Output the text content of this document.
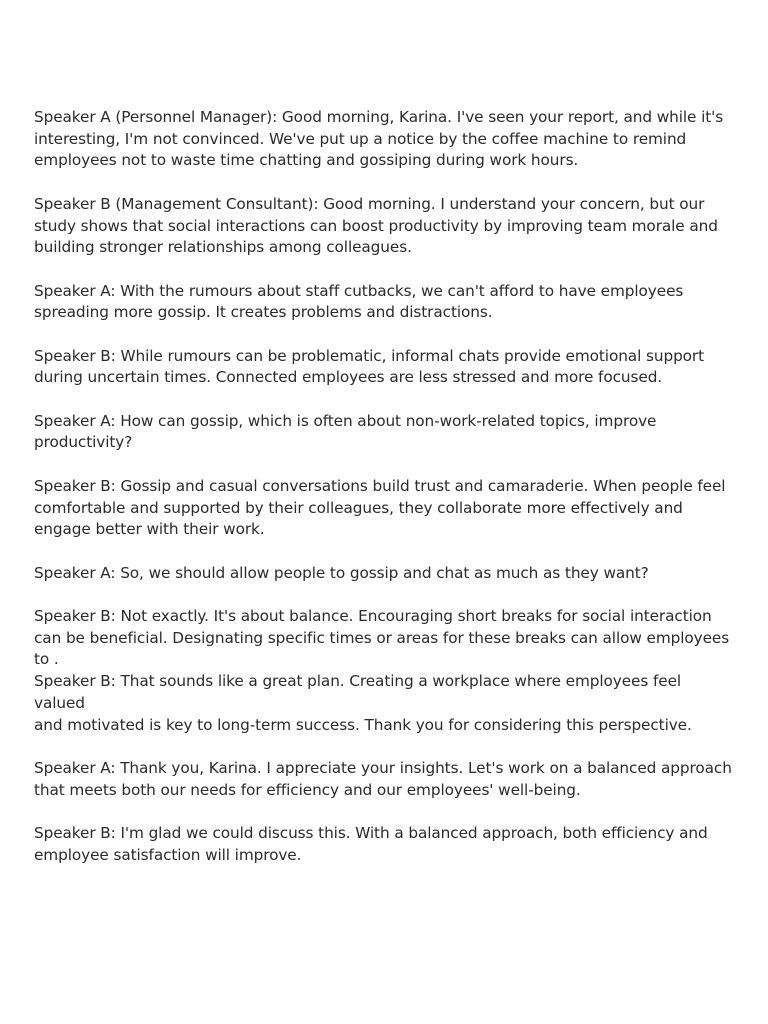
Speaker A (Personnel Manager): Good morning, Karina. I've seen your report, and while it's
interesting, I'm not convinced. We've put up a notice by the coffee machine to remind
employees not to waste time chatting and gossiping during work hours.

Speaker B (Management Consultant): Good morning. I understand your concern, but our
study shows that social interactions can boost productivity by improving team morale and
building stronger relationships among colleagues.

Speaker A: With the rumours about staff cutbacks, we can't afford to have employees
spreading more gossip. It creates problems and distractions.

Speaker B: While rumours can be problematic, informal chats provide emotional support
during uncertain times. Connected employees are less stressed and more focused.

Speaker A: How can gossip, which is often about non-work-related topics, improve
productivity?

Speaker B: Gossip and casual conversations build trust and camaraderie. When people feel
comfortable and supported by their colleagues, they collaborate more effectively and
engage better with their work.

Speaker A: So, we should allow people to gossip and chat as much as they want?

Speaker B: Not exactly. It's about balance. Encouraging short breaks for social interaction
can be beneficial. Designating specific times or areas for these breaks can allow employees
to .

Speaker B: That sounds like a great plan. Creating a workplace where employees feel valued
and motivated is key to long-term success. Thank you for considering this perspective.

Speaker A: Thank you, Karina. I appreciate your insights. Let's work on a balanced approach
that meets both our needs for efficiency and our employees' well-being.

Speaker B: I'm glad we could discuss this. With a balanced approach, both efficiency and
employee satisfaction will improve.
